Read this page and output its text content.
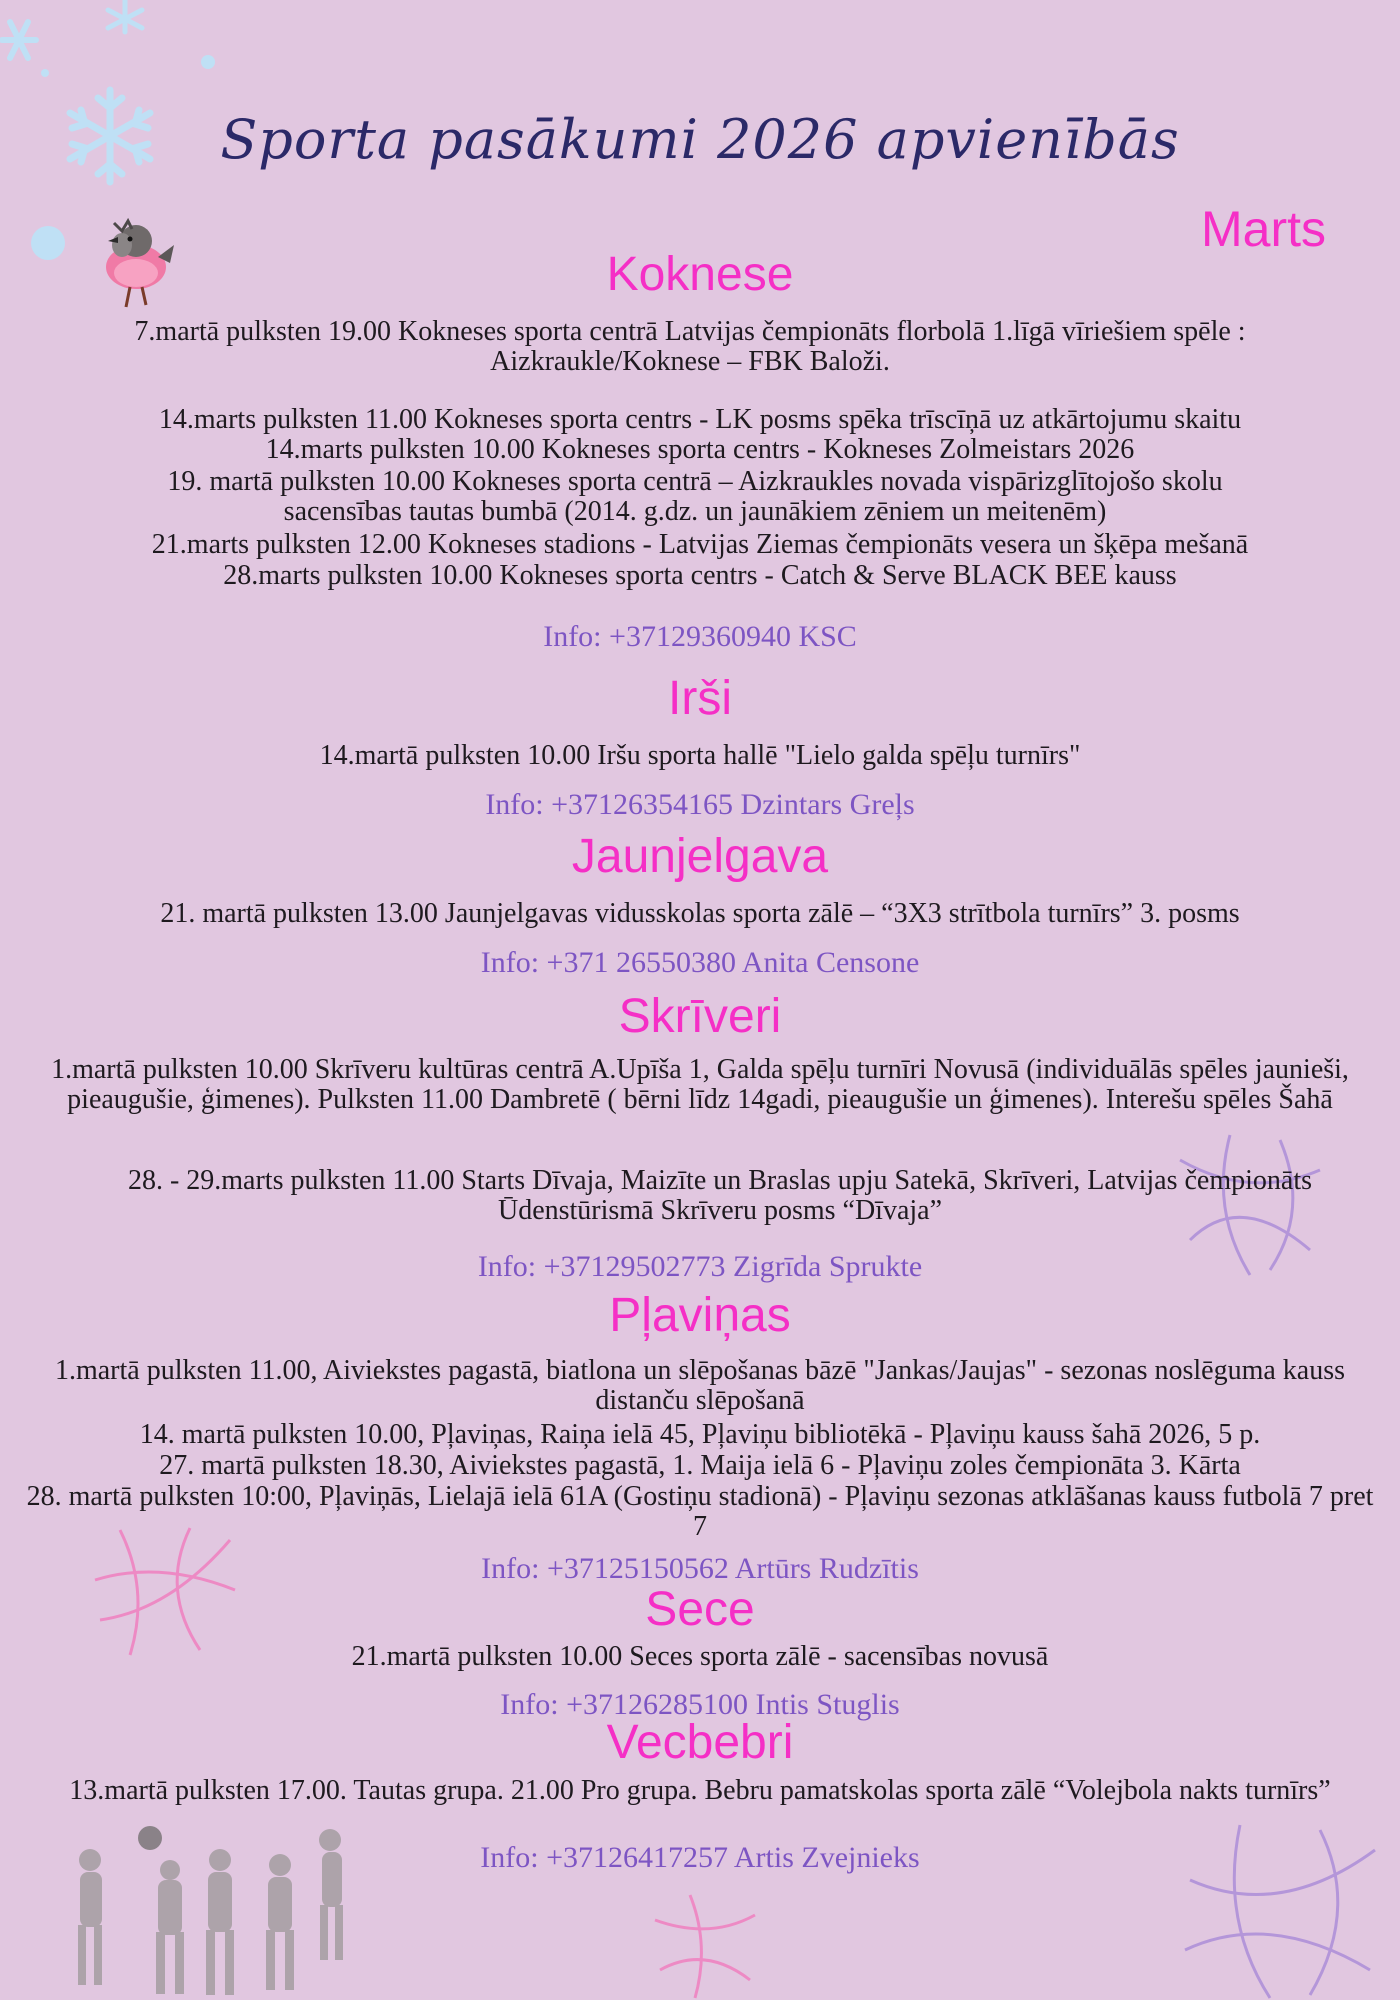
Sporta pasākumi 2026 apvienībās
Marts
Koknese
7.martā pulksten 19.00 Kokneses sporta centrā Latvijas čempionāts florbolā 1.līgā vīriešiem spēle : Aizkraukle/Koknese – FBK Baloži.
14.marts pulksten 11.00 Kokneses sporta centrs - LK posms spēka trīscīņā uz atkārtojumu skaitu
14.marts pulksten 10.00 Kokneses sporta centrs - Kokneses Zolmeistars 2026
19. martā pulksten 10.00 Kokneses sporta centrā – Aizkraukles novada vispārizglītojošo skolu sacensības tautas bumbā (2014. g.dz. un jaunākiem zēniem un meitenēm)
21.marts pulksten 12.00 Kokneses stadions - Latvijas Ziemas čempionāts vesera un šķēpa mešanā
28.marts pulksten 10.00 Kokneses sporta centrs - Catch & Serve BLACK BEE kauss
Info: +37129360940 KSC
Irši
14.martā pulksten 10.00 Iršu sporta hallē "Lielo galda spēļu turnīrs"
Info: +37126354165 Dzintars Greļs
Jaunjelgava
21. martā pulksten 13.00 Jaunjelgavas vidusskolas sporta zālē – “3X3 strītbola turnīrs” 3. posms
Info: +371 26550380 Anita Censone
Skrīveri
1.martā pulksten 10.00 Skrīveru kultūras centrā A.Upīša 1, Galda spēļu turnīri Novusā (individuālās spēles jaunieši, pieaugušie, ģimenes). Pulksten 11.00 Dambretē ( bērni līdz 14gadi, pieaugušie un ģimenes). Interešu spēles Šahā
28. - 29.marts pulksten 11.00 Starts Dīvaja, Maizīte un Braslas upju Satekā, Skrīveri, Latvijas čempionāts Ūdenstūrismā Skrīveru posms “Dīvaja”
Info: +37129502773 Zigrīda Sprukte
Pļaviņas
1.martā pulksten 11.00, Aiviekstes pagastā, biatlona un slēpošanas bāzē "Jankas/Jaujas" - sezonas noslēguma kauss distanču slēpošanā
14. martā pulksten 10.00, Pļaviņas, Raiņa ielā 45, Pļaviņu bibliotēkā - Pļaviņu kauss šahā 2026, 5 p.
27. martā pulksten 18.30, Aiviekstes pagastā, 1. Maija ielā 6 - Pļaviņu zoles čempionāta 3. Kārta
28. martā pulksten 10:00, Pļaviņās, Lielajā ielā 61A (Gostiņu stadionā) - Pļaviņu sezonas atklāšanas kauss futbolā 7 pret 7
Info: +37125150562 Artūrs Rudzītis
Sece
21.martā pulksten 10.00 Seces sporta zālē - sacensības novusā
Info: +37126285100 Intis Stuglis
Vecbebri
13.martā pulksten 17.00. Tautas grupa. 21.00 Pro grupa. Bebru pamatskolas sporta zālē “Volejbola nakts turnīrs”
Info: +37126417257 Artis Zvejnieks
